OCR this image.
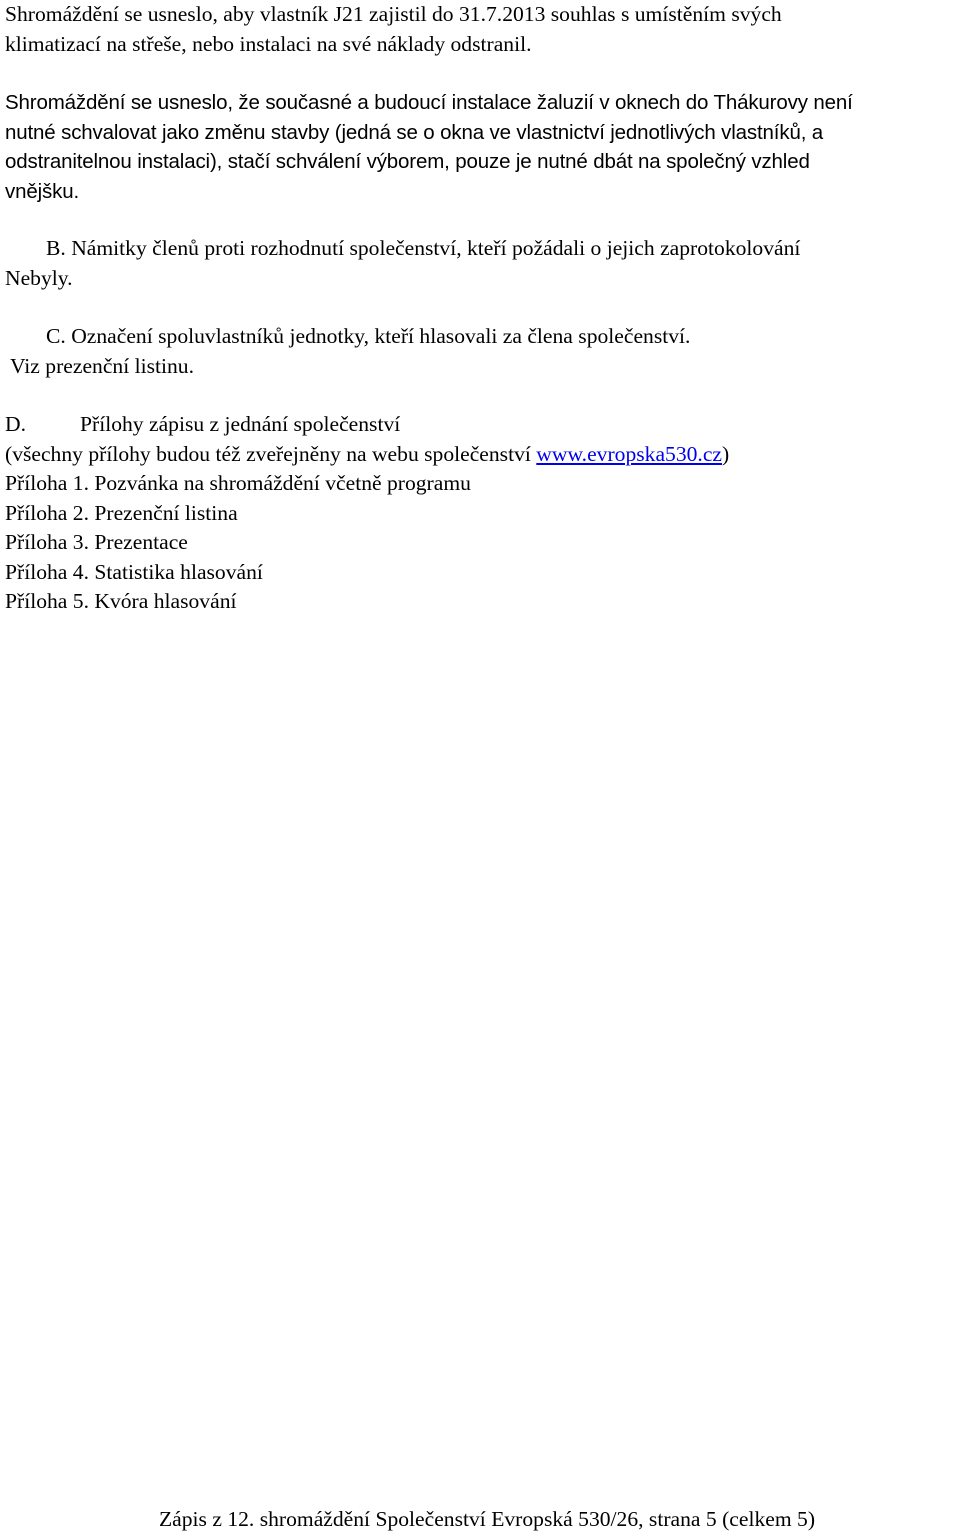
Shromáždění se usneslo, aby vlastník J21 zajistil do 31.7.2013 souhlas s umístěním svých
klimatizací na střeše, nebo instalaci na své náklady odstranil.
Shromáždění se usneslo, že současné a budoucí instalace žaluzií v oknech do Thákurovy není
nutné schvalovat jako změnu stavby (jedná se o okna ve vlastnictví jednotlivých vlastníků, a
odstranitelnou instalaci), stačí schválení výborem, pouze je nutné dbát na společný vzhled
vnějšku.
B. Námitky členů proti rozhodnutí společenství, kteří požádali o jejich zaprotokolování
Nebyly.
C. Označení spoluvlastníků jednotky, kteří hlasovali za člena společenství.
Viz prezenční listinu.
D.	Přílohy zápisu z jednání společenství
(všechny přílohy budou též zveřejněny na webu společenství www.evropska530.cz)
Příloha 1. Pozvánka na shromáždění včetně programu
Příloha 2. Prezenční listina
Příloha 3. Prezentace
Příloha 4. Statistika hlasování
Příloha 5. Kvóra hlasování
Zápis z 12. shromáždění Společenství Evropská 530/26, strana 5 (celkem 5)
